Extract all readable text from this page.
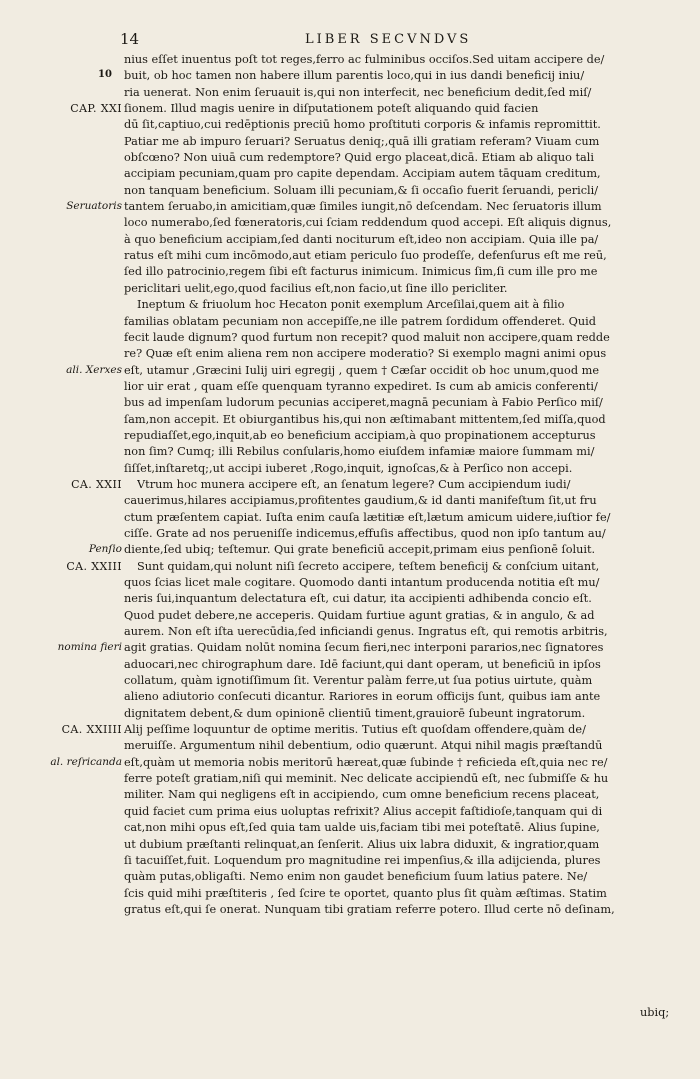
14	LIBER SECVNDVS
nius eſſet inuentus poſt tot reges,ferro ac fulminibus occiſos.Sed uitam accipere de/
10	buit, ob hoc tamen non habere illum parentis loco,qui in ius dandi beneficij iniu/
ria uenerat. Non enim ſeruauit is,qui non interfecit, nec beneficium dedit,ſed miſ/
CAP. XXI ſionem. Illud magis uenire in diſputationem poteſt aliquando quid facien
dū ſit,captiuo,cui redēptionis preciū homo proſtituti corporis & infamis repromittit.
Patiar me ab impuro ſeruari? Seruatus deniq;,quā illi gratiam referam? Viuam cum
obſcœno? Non uiuā cum redemptore? Quid ergo placeat,dicā. Etiam ab aliquo tali
accipiam pecuniam,quam pro capite dependam. Accipiam autem tāquam creditum,
non tanquam beneficium. Soluam illi pecuniam,& ſi occaſio fuerit ſeruandi, pericli/
Seruatoris tantem ſeruabo,in amicitiam,quæ ſimiles iungit,nō deſcendam. Nec ſeruatoris illum
loco numerabo,ſed fœneratoris,cui ſciam reddendum quod accepi. Eſt aliquis dignus,
à quo beneficium accipiam,ſed danti nociturum eſt,ideo non accipiam. Quia ille pa/
ratus eſt mihi cum incōmodo,aut etiam periculo ſuo prodeſſe, defenſurus eſt me reū,
ſed illo patrocinio,regem ſibi eſt facturus inimicum. Inimicus ſim,ſi cum ille pro me
periclitari uelit,ego,quod facilius eſt,non facio,ut ſine illo pericliter.
Ineptum & friuolum hoc Hecaton ponit exemplum Arceſilai,quem ait à filio
familias oblatam pecuniam non accepiſſe,ne ille patrem ſordidum offenderet. Quid
fecit laude dignum? quod furtum non recepit? quod maluit non accipere,quam redde
re? Quæ eſt enim aliena rem non accipere moderatio? Si exemplo magni animi opus
ali. Xerxes eſt, utamur ,Græcini Iulij uiri egregij , quem † Cæſar occidit ob hoc unum,quod me
lior uir erat , quam eſſe quenquam tyranno expediret. Is cum ab amicis conferenti/
bus ad impenſam ludorum pecunias acciperet,magnā pecuniam à Fabio Perſico miſ/
ſam,non accepit. Et obiurgantibus his,qui non æſtimabant mittentem,ſed miſſa,quod
repudiaſſet,ego,inquit,ab eo beneficium accipiam,à quo propinationem accepturus
non ſim? Cumq; illi Rebilus conſularis,homo eiuſdem infamiæ maiore ſummam mi/
ſiſſet,inſtaretq;,ut accipi iuberet ,Rogo,inquit, ignoſcas,& à Perſico non accepi.
CA. XXII Vtrum hoc munera accipere eſt, an ſenatum legere? Cum accipiendum iudi/
cauerimus,hilares accipiamus,profitentes gaudium,& id danti manifeſtum ſit,ut fru
ctum præſentem capiat. Iuſta enim cauſa lætitiæ eſt,lætum amicum uidere,iuſtior fe/
ciſſe. Grate ad nos perueniſſe indicemus,effuſis affectibus, quod non ipſo tantum au/
Penſio diente,ſed ubiq; teſtemur. Qui grate beneficiū accepit,primam eius penſionē ſoluit.
CA. XXIII Sunt quidam,qui nolunt niſi ſecreto accipere, teſtem beneficij & conſcium uitant,
quos ſcias licet male cogitare. Quomodo danti intantum producenda notitia eſt mu/
neris ſui,inquantum delectatura eſt, cui datur, ita accipienti adhibenda concio eſt.
Quod pudet debere,ne acceperis. Quidam furtiue agunt gratias, & in angulo, & ad
aurem. Non eſt iſta uerecūdia,ſed inficiandi genus. Ingratus eſt, qui remotis arbitris,
nomina fieri agit gratias. Quidam nolūt nomina ſecum fieri,nec interponi pararios,nec ſignatores
aduocari,nec chirographum dare. Idē faciunt,qui dant operam, ut beneficiū in ipſos
collatum, quàm ignotiſſimum ſit. Verentur palàm ferre,ut ſua potius uirtute, quàm
alieno adiutorio conſecuti dicantur. Rariores in eorum officijs ſunt, quibus iam ante
dignitatem debent,& dum opinionē clientiū timent,grauiorē ſubeunt ingratorum.
CA. XXIIII Alij peſſime loquuntur de optime meritis. Tutius eſt quoſdam offendere,quàm de/
meruiſſe. Argumentum nihil debentium, odio quærunt. Atqui nihil magis præſtandū
al. reſricanda eſt,quàm ut memoria nobis meritorū hæreat,quæ ſubinde † reficieda eſt,quia nec re/
ferre poteſt gratiam,niſi qui meminit. Nec delicate accipiendū eſt, nec ſubmiſſe & hu
militer. Nam qui negligens eſt in accipiendo, cum omne beneficium recens placeat,
quid faciet cum prima eius uoluptas refrixit? Alius accepit faſtidioſe,tanquam qui di
cat,non mihi opus eſt,ſed quia tam ualde uis,faciam tibi mei poteſtatē. Alius ſupine,
ut dubium præſtanti relinquat,an ſenſerit. Alius uix labra diduxit, & ingratior,quam
ſi tacuiſſet,fuit. Loquendum pro magnitudine rei impenſius,& illa adijcienda, plures
quàm putas,obligaſti. Nemo enim non gaudet beneficium ſuum latius patere. Ne/
ſcis quid mihi præſtiteris , ſed ſcire te oportet, quanto plus ſit quàm æſtimas. Statim
gratus eſt,qui ſe onerat. Nunquam tibi gratiam referre potero. Illud certe nō deſinam,
ubiq;
